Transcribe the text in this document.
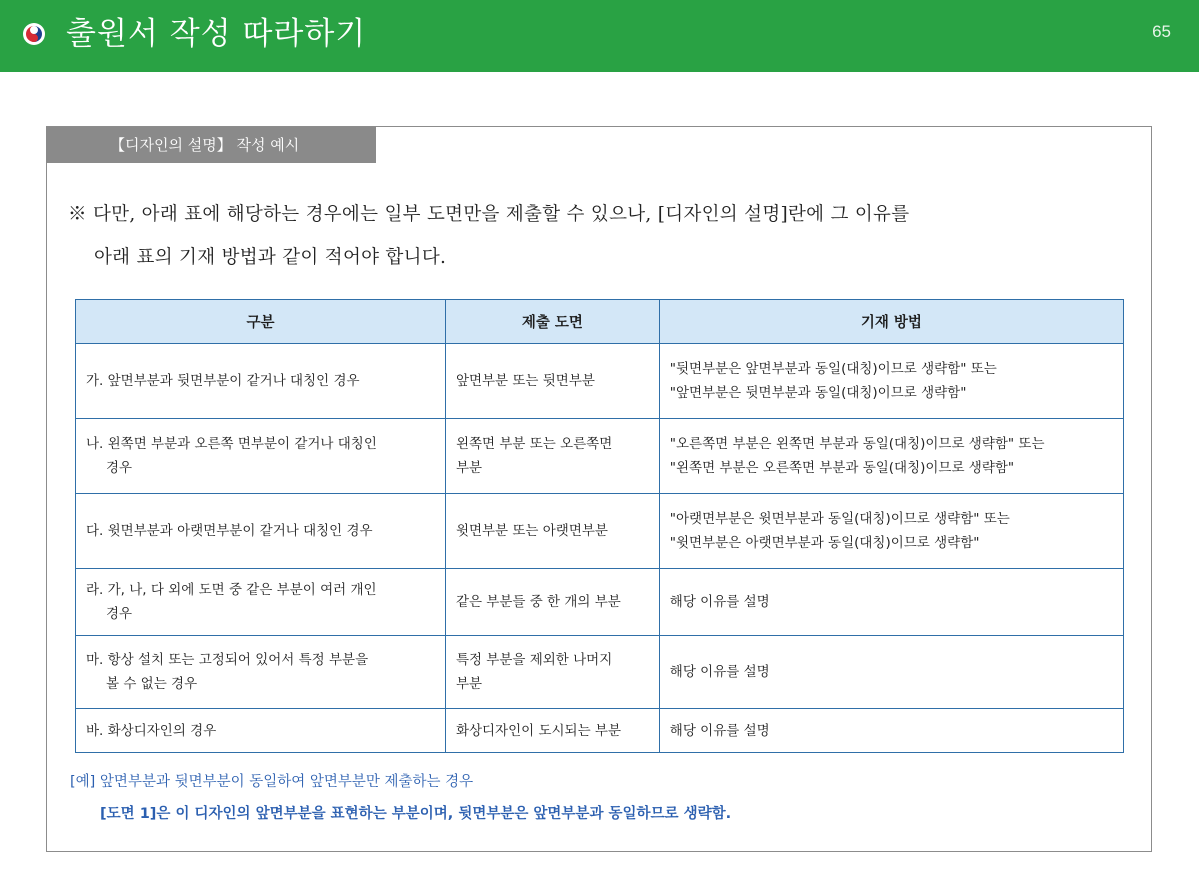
출원서 작성 따라하기	65
【디자인의 설명】 작성 예시
※ 다만, 아래 표에 해당하는 경우에는 일부 도면만을 제출할 수 있으나, [디자인의 설명]란에 그 이유를
아래 표의 기재 방법과 같이 적어야 합니다.
구분	제출 도면	기재 방법
가. 앞면부분과 뒷면부분이 같거나 대칭인 경우	앞면부분 또는 뒷면부분	"뒷면부분은 앞면부분과 동일(대칭)이므로 생략함" 또는
"앞면부분은 뒷면부분과 동일(대칭)이므로 생략함"
나. 왼쪽면 부분과 오른쪽 면부분이 같거나 대칭인
경우	왼쪽면 부분 또는 오른쪽면 부분	"오른쪽면 부분은 왼쪽면 부분과 동일(대칭)이므로 생략함" 또는
"왼쪽면 부분은 오른쪽면 부분과 동일(대칭)이므로 생략함"
다. 윗면부분과 아랫면부분이 같거나 대칭인 경우	윗면부분 또는 아랫면부분	"아랫면부분은 윗면부분과 동일(대칭)이므로 생략함" 또는
"윗면부분은 아랫면부분과 동일(대칭)이므로 생략함"
라. 가, 나, 다 외에 도면 중 같은 부분이 여러 개인
경우	같은 부분들 중 한 개의 부분	해당 이유를 설명
마. 항상 설치 또는 고정되어 있어서 특정 부분을
볼 수 없는 경우	특정 부분을 제외한 나머지 부분	해당 이유를 설명
바. 화상디자인의 경우	화상디자인이 도시되는 부분	해당 이유를 설명
[예] 앞면부분과 뒷면부분이 동일하여 앞면부분만 제출하는 경우
[도면 1]은 이 디자인의 앞면부분을 표현하는 부분이며, 뒷면부분은 앞면부분과 동일하므로 생략함.
